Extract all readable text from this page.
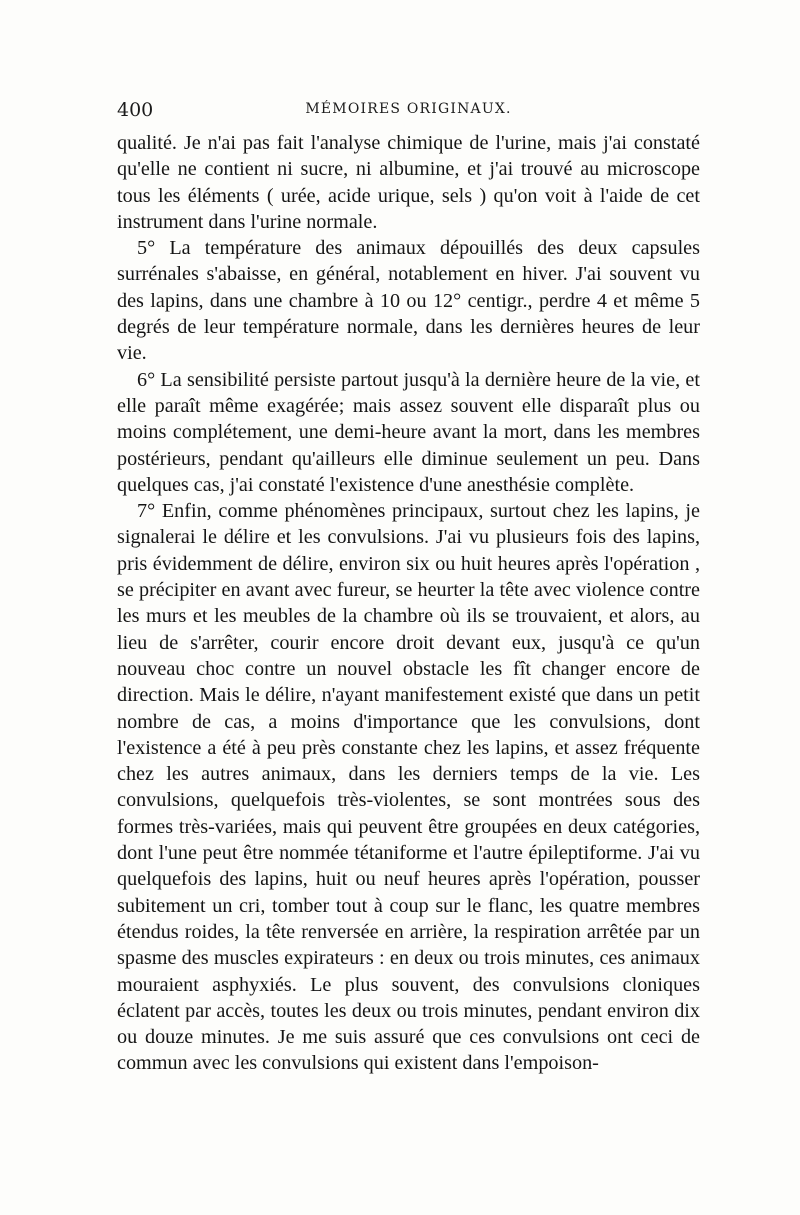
400	MÉMOIRES ORIGINAUX.

qualité. Je n'ai pas fait l'analyse chimique de l'urine, mais j'ai constaté qu'elle ne contient ni sucre, ni albumine, et j'ai trouvé au microscope tous les éléments ( urée, acide urique, sels ) qu'on voit à l'aide de cet instrument dans l'urine normale.

5° La température des animaux dépouillés des deux capsules surrénales s'abaisse, en général, notablement en hiver. J'ai souvent vu des lapins, dans une chambre à 10 ou 12° centigr., perdre 4 et même 5 degrés de leur température normale, dans les dernières heures de leur vie.

6° La sensibilité persiste partout jusqu'à la dernière heure de la vie, et elle paraît même exagérée; mais assez souvent elle disparaît plus ou moins complétement, une demi-heure avant la mort, dans les membres postérieurs, pendant qu'ailleurs elle diminue seulement un peu. Dans quelques cas, j'ai constaté l'existence d'une anesthésie complète.

7° Enfin, comme phénomènes principaux, surtout chez les lapins, je signalerai le délire et les convulsions. J'ai vu plusieurs fois des lapins, pris évidemment de délire, environ six ou huit heures après l'opération , se précipiter en avant avec fureur, se heurter la tête avec violence contre les murs et les meubles de la chambre où ils se trouvaient, et alors, au lieu de s'arrêter, courir encore droit devant eux, jusqu'à ce qu'un nouveau choc contre un nouvel obstacle les fît changer encore de direction. Mais le délire, n'ayant manifestement existé que dans un petit nombre de cas, a moins d'importance que les convulsions, dont l'existence a été à peu près constante chez les lapins, et assez fréquente chez les autres animaux, dans les derniers temps de la vie. Les convulsions, quelquefois très-violentes, se sont montrées sous des formes très-variées, mais qui peuvent être groupées en deux catégories, dont l'une peut être nommée tétaniforme et l'autre épileptiforme. J'ai vu quelquefois des lapins, huit ou neuf heures après l'opération, pousser subitement un cri, tomber tout à coup sur le flanc, les quatre membres étendus roides, la tête renversée en arrière, la respiration arrêtée par un spasme des muscles expirateurs : en deux ou trois minutes, ces animaux mouraient asphyxiés. Le plus souvent, des convulsions cloniques éclatent par accès, toutes les deux ou trois minutes, pendant environ dix ou douze minutes. Je me suis assuré que ces convulsions ont ceci de commun avec les convulsions qui existent dans l'empoison-
